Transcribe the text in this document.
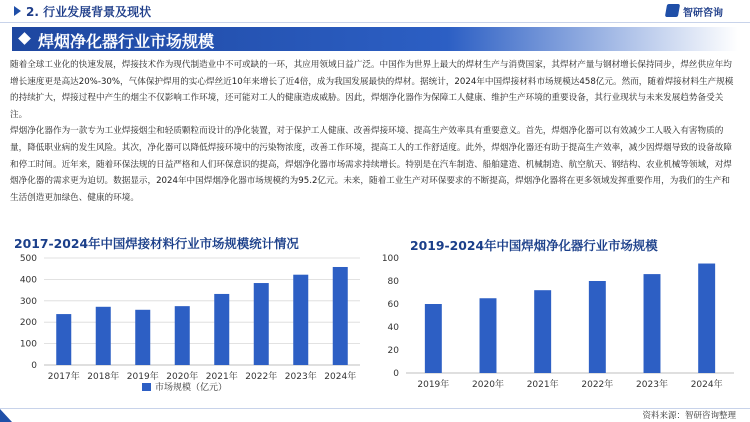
2. 行业发展背景及现状	智研咨询
焊烟净化器行业市场规模

随着全球工业化的快速发展，焊接技术作为现代制造业中不可或缺的一环，其应用领域日益广泛。中国作为世界上最大的焊材生产与消费国家，其焊材产量与钢材增长保持同步，焊丝供应年均增长速度更是高达20%-30%，气体保护焊用的实心焊丝近10年来增长了近4倍，成为我国发展最快的焊材。据统计，2024年中国焊接材料市场规模达458亿元。然而，随着焊接材料生产规模的持续扩大，焊接过程中产生的烟尘不仅影响工作环境，还可能对工人的健康造成威胁。因此，焊烟净化器作为保障工人健康、维护生产环境的重要设备，其行业现状与未来发展趋势备受关注。

焊烟净化器作为一款专为工业焊接烟尘和轻质颗粒而设计的净化装置，对于保护工人健康、改善焊接环境、提高生产效率具有重要意义。首先，焊烟净化器可以有效减少工人吸入有害物质的量，降低职业病的发生风险。其次，净化器可以降低焊接环境中的污染物浓度，改善工作环境，提高工人的工作舒适度。此外，焊烟净化器还有助于提高生产效率，减少因焊烟导致的设备故障和停工时间。近年来，随着环保法规的日益严格和人们环保意识的提高，焊烟净化器市场需求持续增长。特别是在汽车制造、船舶建造、机械制造、航空航天、钢结构、农业机械等领域，对焊烟净化器的需求更为迫切。数据显示，2024年中国焊烟净化器市场规模约为95.2亿元。未来，随着工业生产对环保要求的不断提高，焊烟净化器将在更多领域发挥重要作用，为我们的生产和生活创造更加绿色、健康的环境。

2017-2024年中国焊接材料行业市场规模统计情况	2019-2024年中国焊烟净化器行业市场规模
0
100
200
300
400
500
2017年 2018年 2019年 2020年 2021年 2022年 2023年 2024年
市场规模（亿元）
0
20
40
60
80
100
2019年	2020年	2021年	2022年	2023年	2024年
资料来源：智研咨询整理
